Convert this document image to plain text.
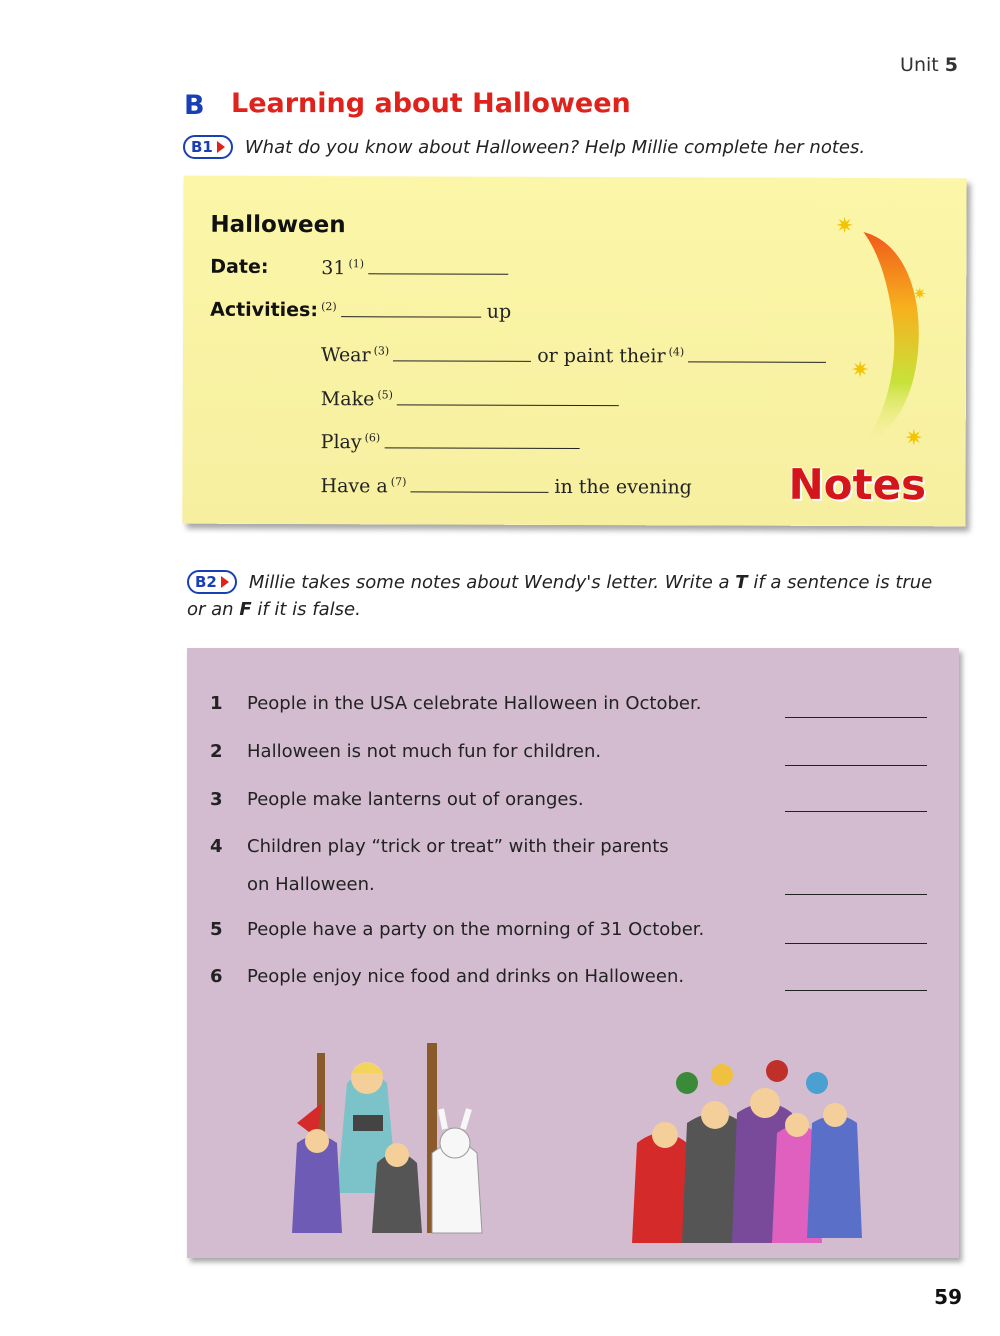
Unit 5
B Learning about Halloween
B1 What do you know about Halloween? Help Millie complete her notes.
Halloween
Date:	31 $^{(1)}$
Activities: $^{(2)}$	up
Wear $^{(3)}$	or paint their $^{(4)}$
Make $^{(5)}$
Play $^{(6)}$
Have a $^{(7)}$	in the evening
✷
✷
✷
✷
Notes
B2 Millie takes some notes about Wendy's letter. Write a T if a sentence is true
or an F if it is false.
1 People in the USA celebrate Halloween in October.
2 Halloween is not much fun for children.
3 People make lanterns out of oranges.
4 Children play “trick or treat” with their parents
on Halloween.
5 People have a party on the morning of 31 October.
6 People enjoy nice food and drinks on Halloween.
59
